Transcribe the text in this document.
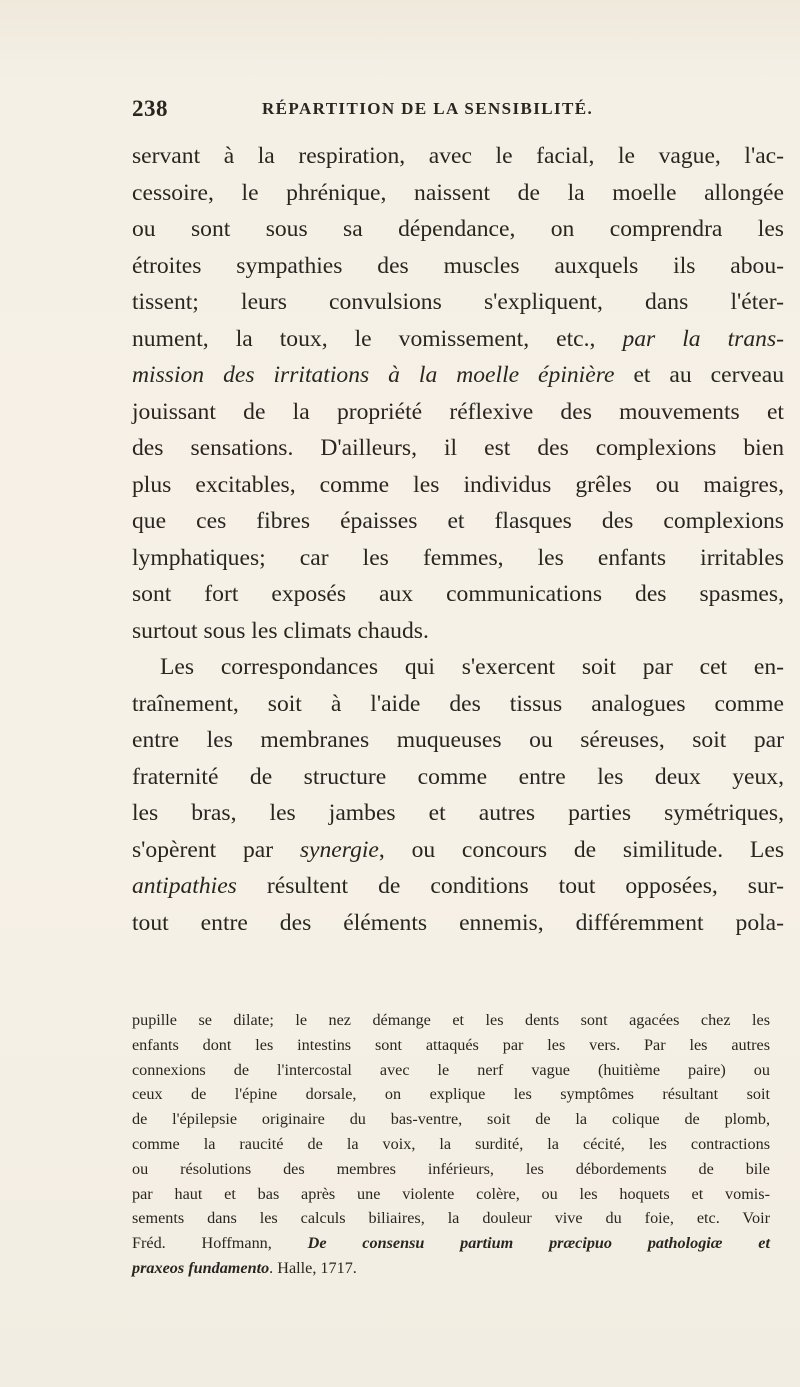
238	RÉPARTITION DE LA SENSIBILITÉ.
servant à la respiration, avec le facial, le vague, l'ac-
cessoire, le phrénique, naissent de la moelle allongée
ou sont sous sa dépendance, on comprendra les
étroites sympathies des muscles auxquels ils abou-
tissent; leurs convulsions s'expliquent, dans l'éter-
nument, la toux, le vomissement, etc., par la trans-
mission des irritations à la moelle épinière et au cerveau
jouissant de la propriété réflexive des mouvements et
des sensations. D'ailleurs, il est des complexions bien
plus excitables, comme les individus grêles ou maigres,
que ces fibres épaisses et flasques des complexions
lymphatiques; car les femmes, les enfants irritables
sont fort exposés aux communications des spasmes,
surtout sous les climats chauds.
Les correspondances qui s'exercent soit par cet en-
traînement, soit à l'aide des tissus analogues comme
entre les membranes muqueuses ou séreuses, soit par
fraternité de structure comme entre les deux yeux,
les bras, les jambes et autres parties symétriques,
s'opèrent par synergie, ou concours de similitude. Les
antipathies résultent de conditions tout opposées, sur-
tout entre des éléments ennemis, différemment pola-
pupille se dilate; le nez démange et les dents sont agacées chez les
enfants dont les intestins sont attaqués par les vers. Par les autres
connexions de l'intercostal avec le nerf vague (huitième paire) ou
ceux de l'épine dorsale, on explique les symptômes résultant soit
de l'épilepsie originaire du bas-ventre, soit de la colique de plomb,
comme la raucité de la voix, la surdité, la cécité, les contractions
ou résolutions des membres inférieurs, les débordements de bile
par haut et bas après une violente colère, ou les hoquets et vomis-
sements dans les calculs biliaires, la douleur vive du foie, etc. Voir
Fréd. Hoffmann, De consensu partium præcipuo pathologiæ et
praxeos fundamento. Halle, 1717.
